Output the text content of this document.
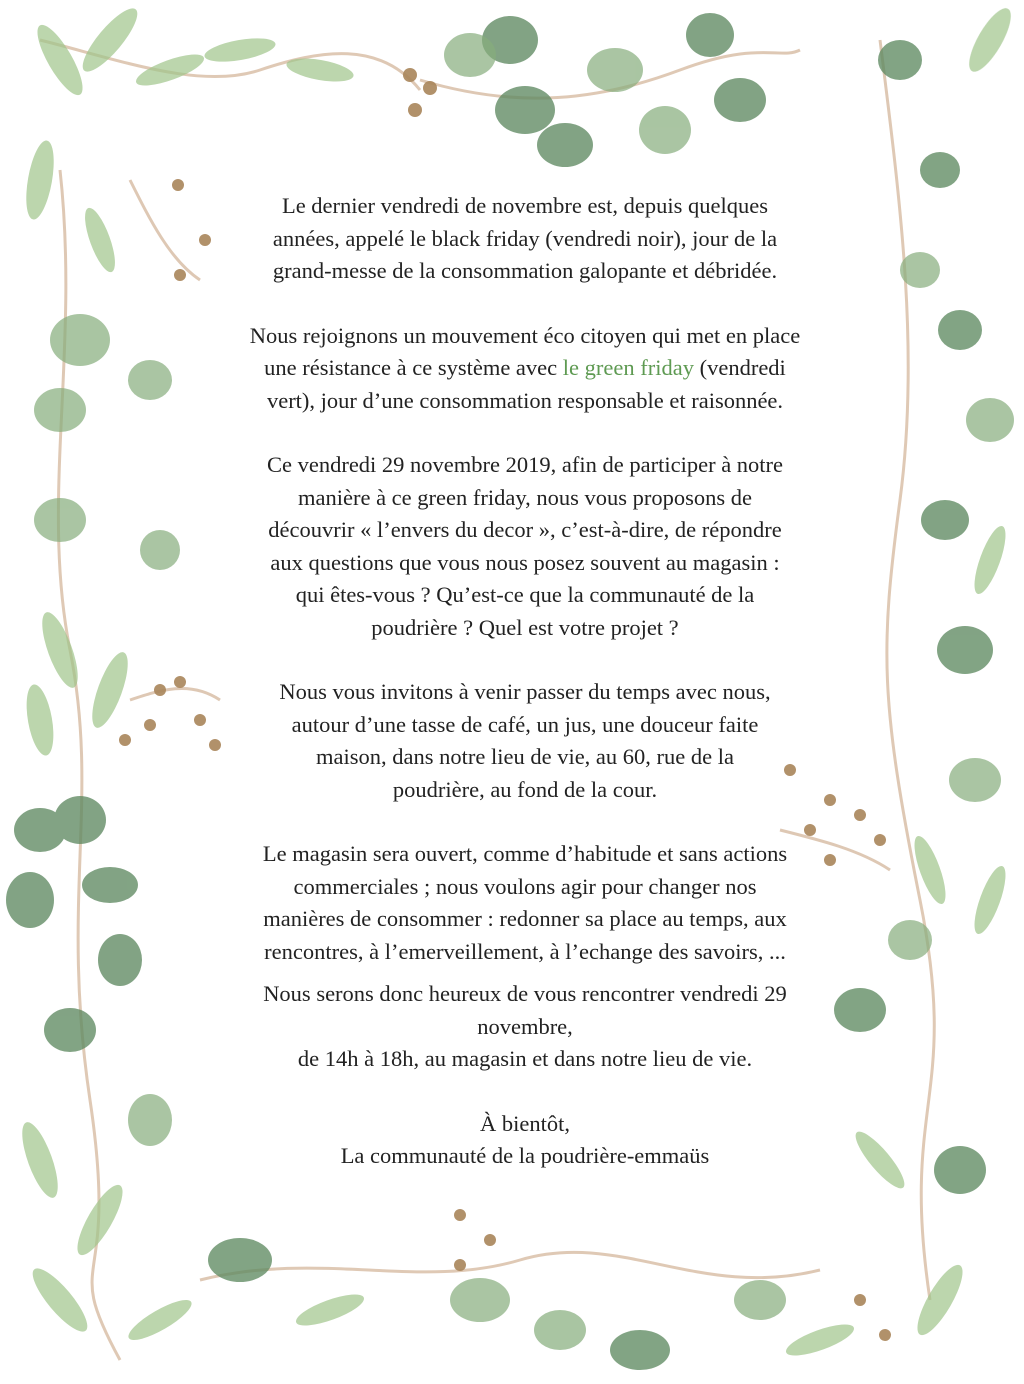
Le dernier vendredi de novembre est, depuis quelques
années, appelé le black friday (vendredi noir), jour de la
grand-messe de la consommation galopante et débridée.

Nous rejoignons un mouvement éco citoyen qui met en place
une résistance à ce système avec le green friday (vendredi
vert), jour d’une consommation responsable et raisonnée.

Ce vendredi 29 novembre 2019, afin de participer à notre
manière à ce green friday, nous vous proposons de
découvrir « l’envers du decor », c’est-à-dire, de répondre
aux questions que vous nous posez souvent au magasin :
qui êtes-vous ? Qu’est-ce que la communauté de la
poudrière ? Quel est votre projet ?

Nous vous invitons à venir passer du temps avec nous,
autour d’une tasse de café, un jus, une douceur faite
maison, dans notre lieu de vie, au 60, rue de la
poudrière, au fond de la cour.

Le magasin sera ouvert, comme d’habitude et sans actions
commerciales ; nous voulons agir pour changer nos
manières de consommer : redonner sa place au temps, aux
rencontres, à l’emerveillement, à l’echange des savoirs, ...

Nous serons donc heureux de vous rencontrer vendredi 29
novembre,
de 14h à 18h, au magasin et dans notre lieu de vie.

À bientôt,
La communauté de la poudrière-emmaüs
